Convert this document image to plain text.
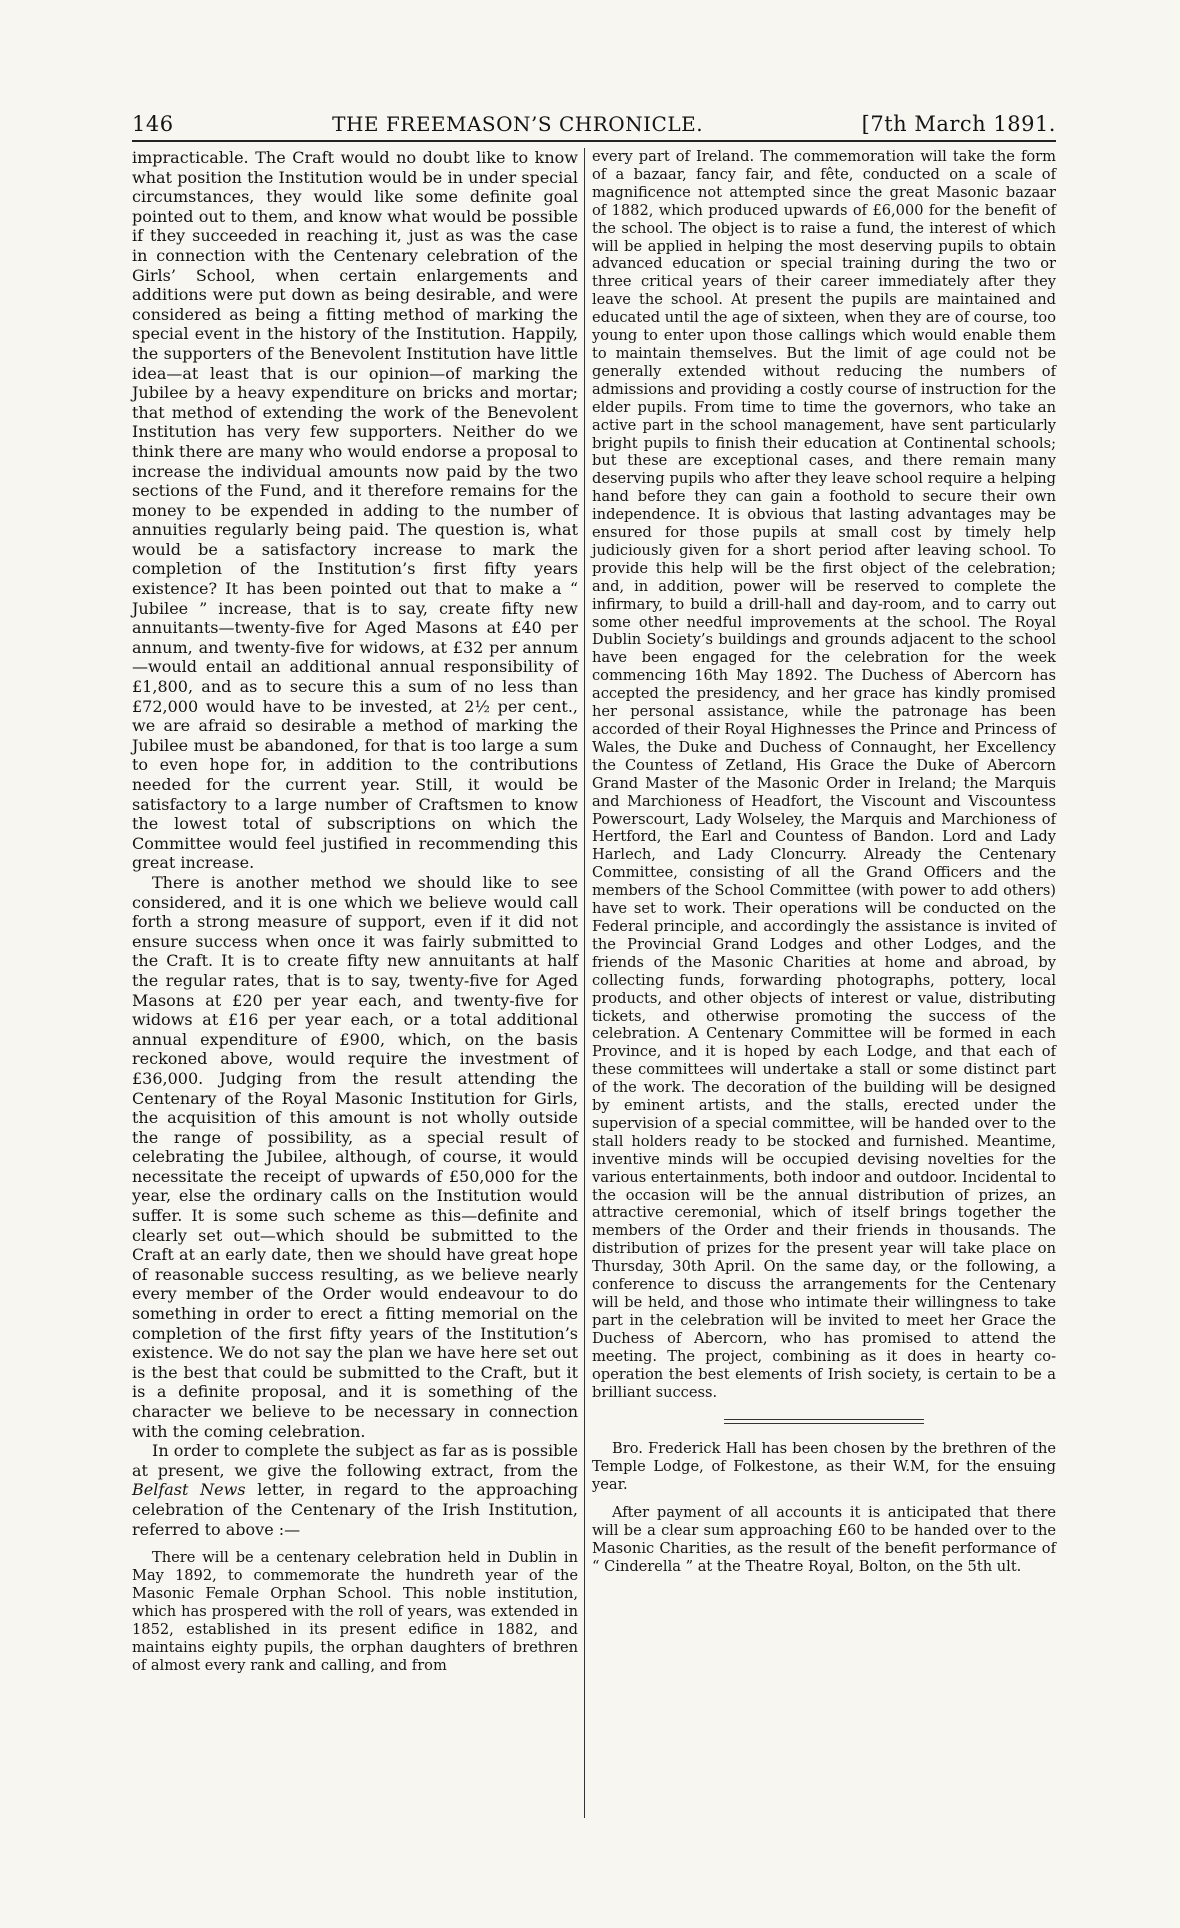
146	THE FREEMASON’S CHRONICLE.	[7th March 1891.

impracticable. The Craft would no doubt like to know what position the Institution would be in under special circumstances, they would like some definite goal pointed out to them, and know what would be possible if they succeeded in reaching it, just as was the case in connection with the Centenary celebration of the Girls’ School, when certain enlargements and additions were put down as being desirable, and were considered as being a fitting method of marking the special event in the history of the Institution. Happily, the supporters of the Benevolent Institution have little idea—at least that is our opinion—of marking the Jubilee by a heavy expenditure on bricks and mortar; that method of extending the work of the Benevolent Institution has very few supporters. Neither do we think there are many who would endorse a proposal to increase the individual amounts now paid by the two sections of the Fund, and it therefore remains for the money to be expended in adding to the number of annuities regularly being paid. The question is, what would be a satisfactory increase to mark the completion of the Institution’s first fifty years existence? It has been pointed out that to make a “ Jubilee ” increase, that is to say, create fifty new annuitants—twenty-five for Aged Masons at £40 per annum, and twenty-five for widows, at £32 per annum—would entail an additional annual responsibility of £1,800, and as to secure this a sum of no less than £72,000 would have to be invested, at 2½ per cent., we are afraid so desirable a method of marking the Jubilee must be abandoned, for that is too large a sum to even hope for, in addition to the contributions needed for the current year. Still, it would be satisfactory to a large number of Craftsmen to know the lowest total of subscriptions on which the Committee would feel justified in recommending this great increase.

There is another method we should like to see considered, and it is one which we believe would call forth a strong measure of support, even if it did not ensure success when once it was fairly submitted to the Craft. It is to create fifty new annuitants at half the regular rates, that is to say, twenty-five for Aged Masons at £20 per year each, and twenty-five for widows at £16 per year each, or a total additional annual expenditure of £900, which, on the basis reckoned above, would require the investment of £36,000. Judging from the result attending the Centenary of the Royal Masonic Institution for Girls, the acquisition of this amount is not wholly outside the range of possibility, as a special result of celebrating the Jubilee, although, of course, it would necessitate the receipt of upwards of £50,000 for the year, else the ordinary calls on the Institution would suffer. It is some such scheme as this—definite and clearly set out—which should be submitted to the Craft at an early date, then we should have great hope of reasonable success resulting, as we believe nearly every member of the Order would endeavour to do something in order to erect a fitting memorial on the completion of the first fifty years of the Institution’s existence. We do not say the plan we have here set out is the best that could be submitted to the Craft, but it is a definite proposal, and it is something of the character we believe to be necessary in connection with the coming celebration.

In order to complete the subject as far as is possible at present, we give the following extract, from the Belfast News letter, in regard to the approaching celebration of the Centenary of the Irish Institution, referred to above :—

There will be a centenary celebration held in Dublin in May 1892, to commemorate the hundreth year of the Masonic Female Orphan School. This noble institution, which has prospered with the roll of years, was extended in 1852, established in its present edifice in 1882, and maintains eighty pupils, the orphan daughters of brethren of almost every rank and calling, and from

every part of Ireland. The commemoration will take the form of a bazaar, fancy fair, and fête, conducted on a scale of magnificence not attempted since the great Masonic bazaar of 1882, which produced upwards of £6,000 for the benefit of the school. The object is to raise a fund, the interest of which will be applied in helping the most deserving pupils to obtain advanced education or special training during the two or three critical years of their career immediately after they leave the school. At present the pupils are maintained and educated until the age of sixteen, when they are of course, too young to enter upon those callings which would enable them to maintain themselves. But the limit of age could not be generally extended without reducing the numbers of admissions and providing a costly course of instruction for the elder pupils. From time to time the governors, who take an active part in the school management, have sent particularly bright pupils to finish their education at Continental schools; but these are exceptional cases, and there remain many deserving pupils who after they leave school require a helping hand before they can gain a foothold to secure their own independence. It is obvious that lasting advantages may be ensured for those pupils at small cost by timely help judiciously given for a short period after leaving school. To provide this help will be the first object of the celebration; and, in addition, power will be reserved to complete the infirmary, to build a drill-hall and day-room, and to carry out some other needful improvements at the school. The Royal Dublin Society’s buildings and grounds adjacent to the school have been engaged for the celebration for the week commencing 16th May 1892. The Duchess of Abercorn has accepted the presidency, and her grace has kindly promised her personal assistance, while the patronage has been accorded of their Royal Highnesses the Prince and Princess of Wales, the Duke and Duchess of Connaught, her Excellency the Countess of Zetland, His Grace the Duke of Abercorn Grand Master of the Masonic Order in Ireland; the Marquis and Marchioness of Headfort, the Viscount and Viscountess Powerscourt, Lady Wolseley, the Marquis and Marchioness of Hertford, the Earl and Countess of Bandon. Lord and Lady Harlech, and Lady Cloncurry. Already the Centenary Committee, consisting of all the Grand Officers and the members of the School Committee (with power to add others) have set to work. Their operations will be conducted on the Federal principle, and accordingly the assistance is invited of the Provincial Grand Lodges and other Lodges, and the friends of the Masonic Charities at home and abroad, by collecting funds, forwarding photographs, pottery, local products, and other objects of interest or value, distributing tickets, and otherwise promoting the success of the celebration. A Centenary Committee will be formed in each Province, and it is hoped by each Lodge, and that each of these committees will undertake a stall or some distinct part of the work. The decoration of the building will be designed by eminent artists, and the stalls, erected under the supervision of a special committee, will be handed over to the stall holders ready to be stocked and furnished. Meantime, inventive minds will be occupied devising novelties for the various entertainments, both indoor and outdoor. Incidental to the occasion will be the annual distribution of prizes, an attractive ceremonial, which of itself brings together the members of the Order and their friends in thousands. The distribution of prizes for the present year will take place on Thursday, 30th April. On the same day, or the following, a conference to discuss the arrangements for the Centenary will be held, and those who intimate their willingness to take part in the celebration will be invited to meet her Grace the Duchess of Abercorn, who has promised to attend the meeting. The project, combining as it does in hearty co-operation the best elements of Irish society, is certain to be a brilliant success.

Bro. Frederick Hall has been chosen by the brethren of the Temple Lodge, of Folkestone, as their W.M, for the ensuing year.

After payment of all accounts it is anticipated that there will be a clear sum approaching £60 to be handed over to the Masonic Charities, as the result of the benefit performance of “ Cinderella ” at the Theatre Royal, Bolton, on the 5th ult.
